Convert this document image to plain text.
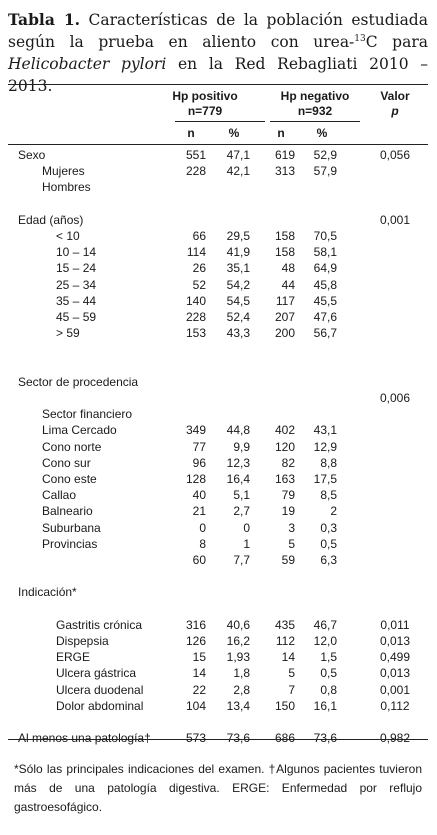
Tabla 1. Características de la población estudiada según la prueba en aliento con urea-$^{13}$C para Helicobacter pylori en la Red Rebagliati 2010 – 2013.
Hp positivo
n=779
Hp negativo
n=932
Valor
p
n	%	n	%
Sexo	551	47,1	619	52,9	0,056
Mujeres	228	42,1	313	57,9
Hombres
Edad (años)	0,001
< 10	66	29,5	158	70,5
10 – 14	114	41,9	158	58,1
15 – 24	26	35,1	48	64,9
25 – 34	52	54,2	44	45,8
35 – 44	140	54,5	117	45,5
45 – 59	228	52,4	207	47,6
> 59	153	43,3	200	56,7
Sector de procedencia
0,006
Sector financiero
Lima Cercado	349	44,8	402	43,1
Cono norte	77	9,9	120	12,9
Cono sur	96	12,3	82	8,8
Cono este	128	16,4	163	17,5
Callao	40	5,1	79	8,5
Balneario	21	2,7	19	2
Suburbana	0	0	3	0,3
Provincias	8	1	5	0,5
60	7,7	59	6,3
Indicación*
Gastritis crónica	316	40,6	435	46,7	0,011
Dispepsia	126	16,2	112	12,0	0,013
ERGE	15	1,93	14	1,5	0,499
Ulcera gástrica	14	1,8	5	0,5	0,013
Ulcera duodenal	22	2,8	7	0,8	0,001
Dolor abdominal	104	13,4	150	16,1	0,112
Al menos una patología†	573	73,6	686	73,6	0,982
*Sólo las principales indicaciones del examen. †Algunos pacientes tuvieron más de una patología digestiva. ERGE: Enfermedad por reflujo gastroesofágico.
